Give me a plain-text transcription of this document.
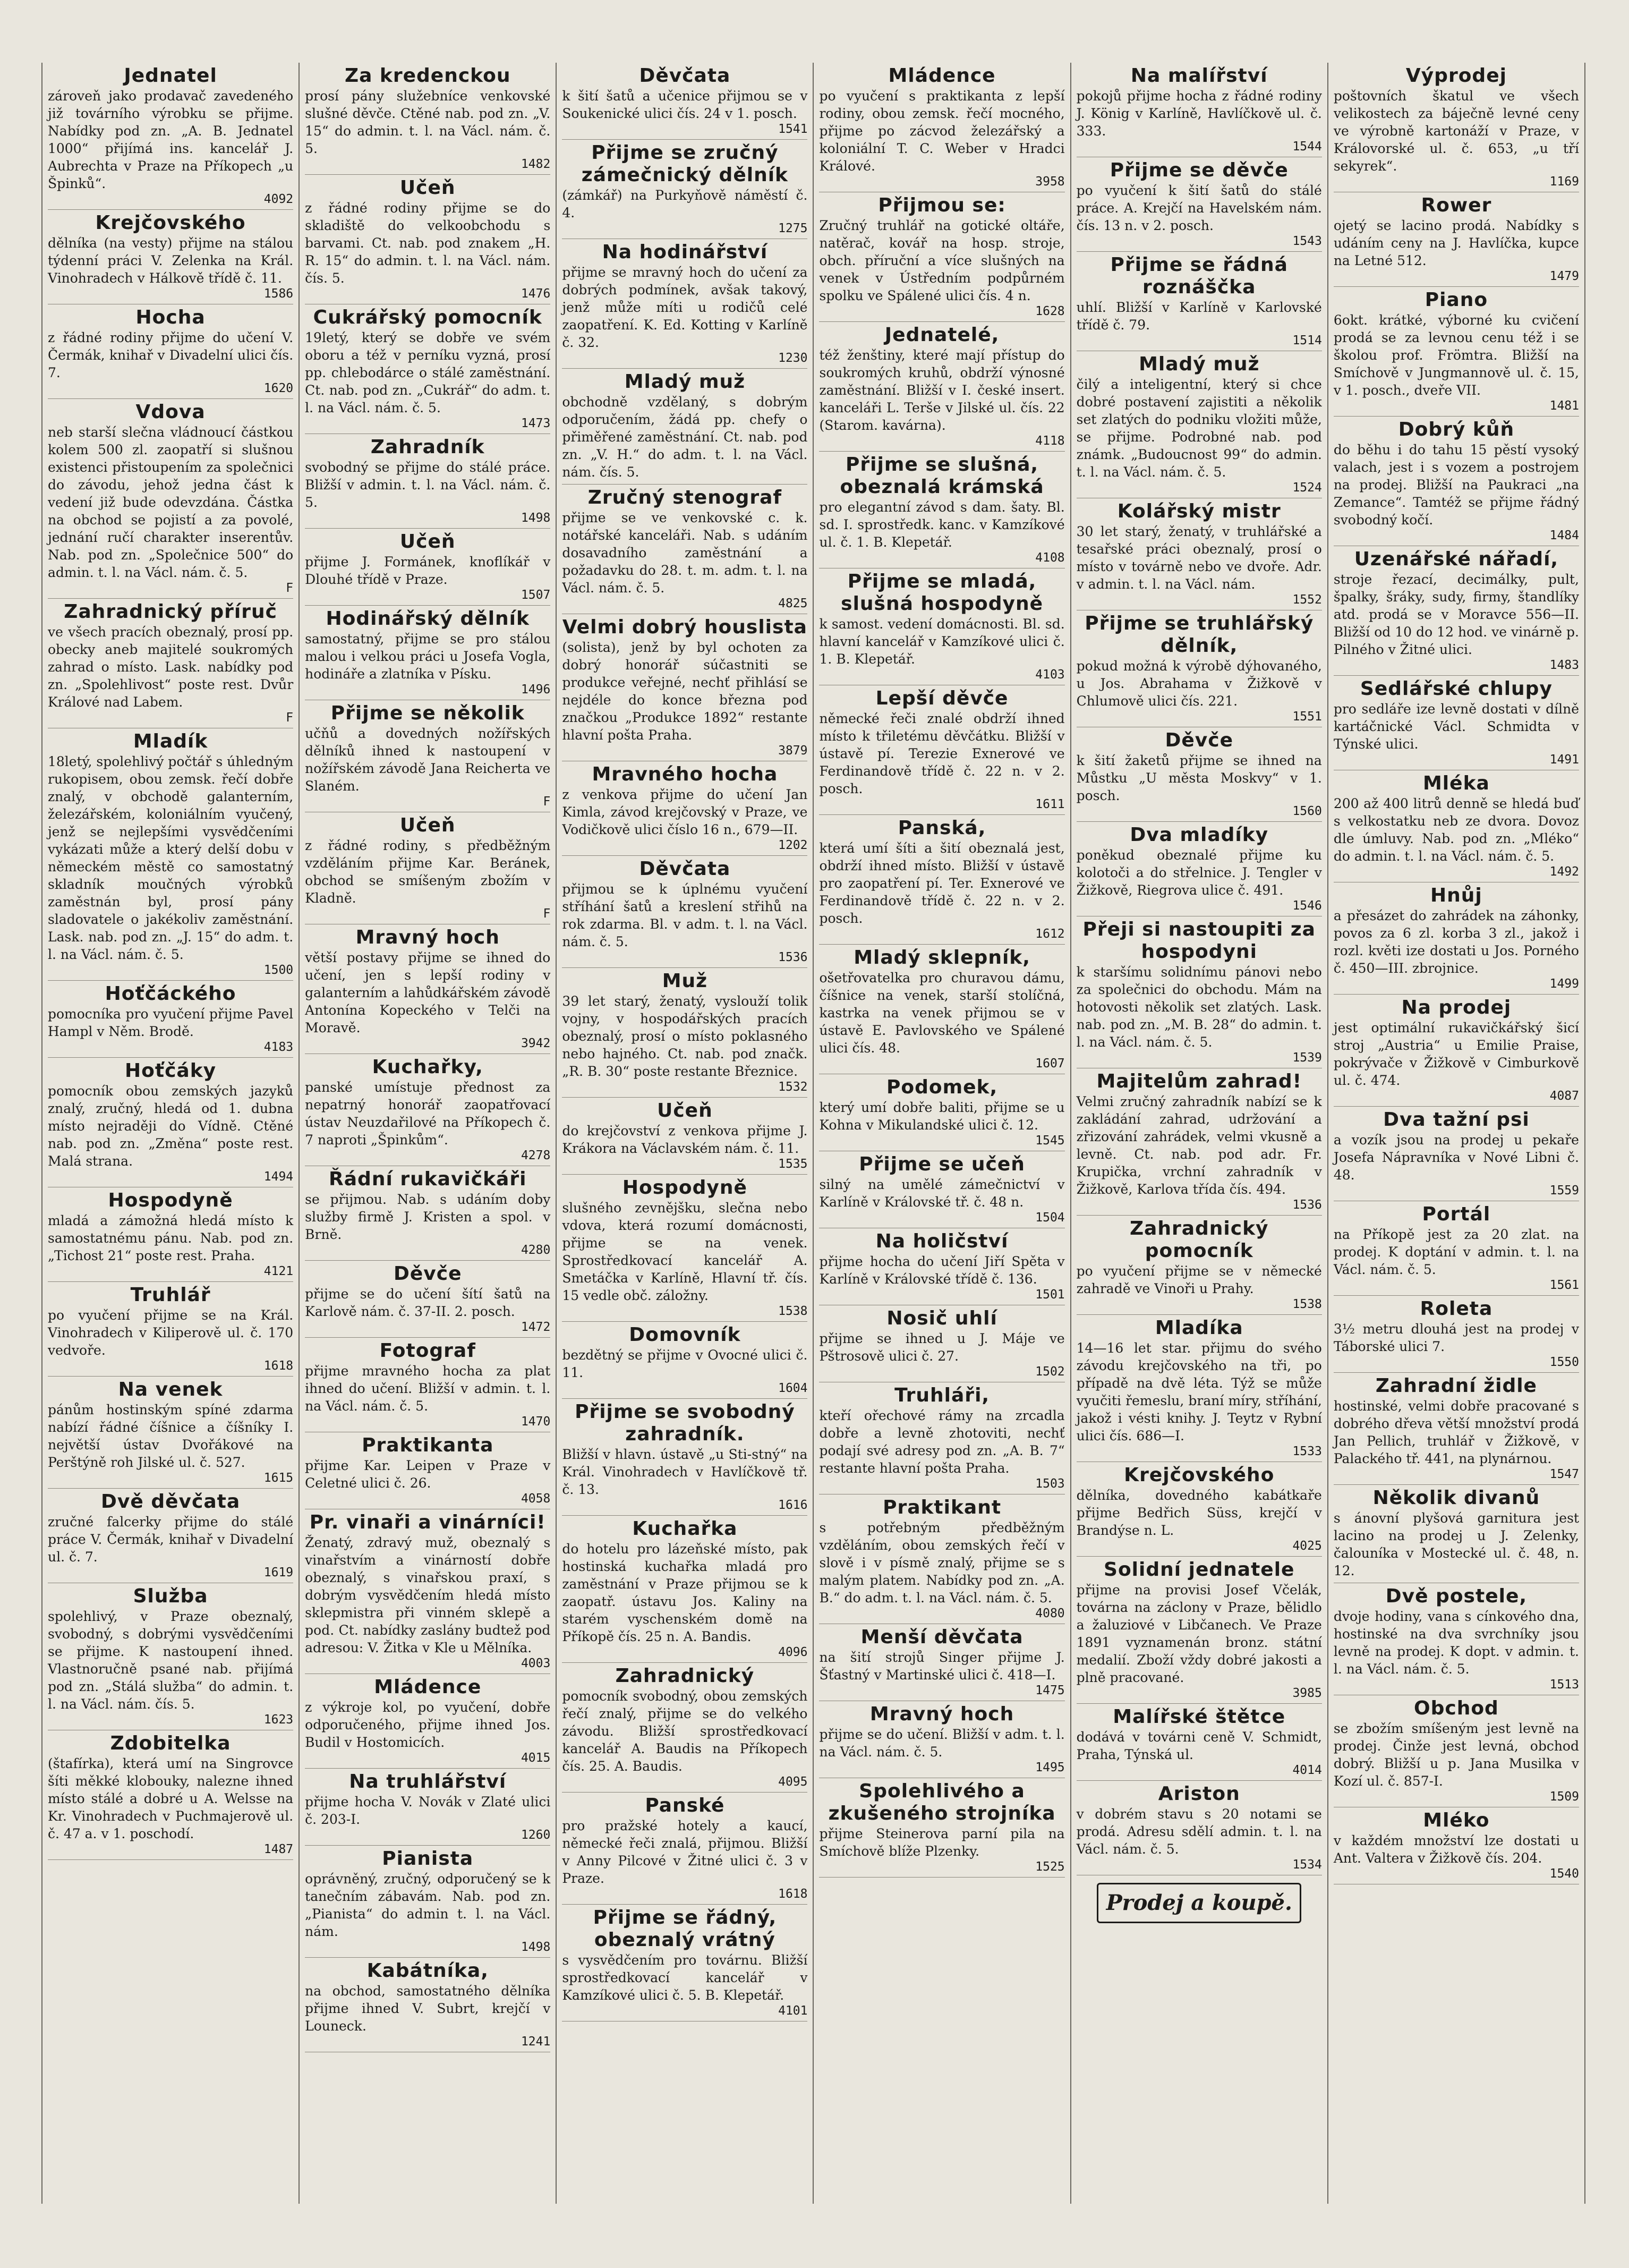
Jednatel

zároveň jako prodavač zavedeného již továrního výrobku se přijme. Nabídky pod zn. „A. B. Jednatel 1000“ přijímá ins. kancelář J. Aubrechta v Praze na Příkopech „u Špinků“.

4092
Krejčovského

dělníka (na vesty) přijme na stálou týdenní práci V. Zelenka na Král. Vinohradech v Hálkově třídě č. 11.

1586
Hocha

z řádné rodiny přijme do učení V. Čermák, knihař v Divadelní ulici čís. 7.

1620
Vdova

neb starší slečna vládnoucí částkou kolem 500 zl. zaopatří si slušnou existenci přistoupením za společnici do závodu, jehož jedna část k vedení již bude odevzdána. Částka na obchod se pojistí a za povolé, jednání ručí charakter inserentův. Nab. pod zn. „Společnice 500“ do admin. t. l. na Václ. nám. č. 5.

F
Zahradnický příruč

ve všech pracích obeznalý, prosí pp. obecky aneb majitelé soukromých zahrad o místo. Lask. nabídky pod zn. „Spolehlivost“ poste rest. Dvůr Králové nad Labem.

F
Mladík

18letý, spolehlivý počtář s úhledným rukopisem, obou zemsk. řečí dobře znalý, v obchodě galanterním, železářském, koloniálním vyučený, jenž se nejlepšími vysvědčeními vykázati může a který delší dobu v německém městě co samostatný skladník moučných výrobků zaměstnán byl, prosí pány sladovatele o jakékoliv zaměstnání. Lask. nab. pod zn. „J. 15“ do adm. t. l. na Václ. nám. č. 5.

1500
Hoťčáckého

pomocníka pro vyučení přijme Pavel Hampl v Něm. Brodě.

4183
Hoťčáky

pomocník obou zemských jazyků znalý, zručný, hledá od 1. dubna místo nejraději do Vídně. Ctěné nab. pod zn. „Změna“ poste rest. Malá strana.

1494
Hospodyně

mladá a zámožná hledá místo k samostatnému pánu. Nab. pod zn. „Tichost 21“ poste rest. Praha.

4121
Truhlář

po vyučení přijme se na Král. Vinohradech v Kiliperově ul. č. 170 vedvoře.

1618
Na venek

pánům hostinským spíné zdarma nabízí řádné číšnice a číšníky I. největší ústav Dvořákové na Perštýně roh Jilské ul. č. 527.

1615
Dvě děvčata

zručné falcerky přijme do stálé práce V. Čermák, knihař v Divadelní ul. č. 7.

1619
Služba

spolehlivý, v Praze obeznalý, svobodný, s dobrými vysvědčeními se přijme. K nastoupení ihned. Vlastnoručně psané nab. přijímá pod zn. „Stálá služba“ do admin. t. l. na Václ. nám. čís. 5.

1623
Zdobitelka

(štafírka), která umí na Singrovce šíti měkké klobouky, nalezne ihned místo stálé a dobré u A. Welsse na Kr. Vinohradech v Puchmajerově ul. č. 47 a. v 1. poschodí.

1487
Za kredenckou

prosí pány služebníce venkovské slušné děvče. Ctěné nab. pod zn. „V. 15“ do admin. t. l. na Václ. nám. č. 5.

1482
Učeň

z řádné rodiny přijme se do skladiště do velkoobchodu s barvami. Ct. nab. pod znakem „H. R. 15“ do admin. t. l. na Václ. nám. čís. 5.

1476
Cukrářský pomocník

19letý, který se dobře ve svém oboru a též v perníku vyzná, prosí pp. chlebodárce o stálé zaměstnání. Ct. nab. pod zn. „Cukrář“ do adm. t. l. na Václ. nám. č. 5.

1473
Zahradník

svobodný se přijme do stálé práce. Bližší v admin. t. l. na Václ. nám. č. 5.

1498
Učeň

přijme J. Formánek, knoflíkář v Dlouhé třídě v Praze.

1507
Hodinářský dělník

samostatný, přijme se pro stálou malou i velkou práci u Josefa Vogla, hodináře a zlatníka v Písku.

1496
Přijme se několik

učňů a dovedných nožířských dělníků ihned k nastoupení v nožířském závodě Jana Reicherta ve Slaném.

F
Učeň

z řádné rodiny, s předběžným vzděláním přijme Kar. Beránek, obchod se smíšeným zbožím v Kladně.

F
Mravný hoch

větší postavy přijme se ihned do učení, jen s lepší rodiny v galanterním a lahůdkářském závodě Antonína Kopeckého v Telči na Moravě.

3942
Kuchařky,

panské umístuje přednost za nepatrný honorář zaopatřovací ústav Neuzdařilové na Příkopech č. 7 naproti „Špinkům“.

4278
Řádní rukavičkáři

se přijmou. Nab. s udáním doby služby firmě J. Kristen a spol. v Brně.

4280
Děvče

přijme se do učení šítí šatů na Karlově nám. č. 37-II. 2. posch.

1472
Fotograf

přijme mravného hocha za plat ihned do učení. Bližší v admin. t. l. na Václ. nám. č. 5.

1470
Praktikanta

přijme Kar. Leipen v Praze v Celetné ulici č. 26.

4058
Pr. vinaři a vinárníci!

Ženatý, zdravý muž, obeznalý s vinařstvím a vinárností dobře obeznalý, s vinařskou praxí, s dobrým vysvědčením hledá místo sklepmistra při vinném sklepě a pod. Ct. nabídky zaslány budtež pod adresou: V. Žitka v Kle u Mělníka.

4003
Mládence

z výkroje kol, po vyučení, dobře odporučeného, přijme ihned Jos. Budil v Hostomicích.

4015
Na truhlářství

přijme hocha V. Novák v Zlaté ulici č. 203-I.

1260
Pianista

oprávněný, zručný, odporučený se k tanečním zábavám. Nab. pod zn. „Pianista“ do admin t. l. na Václ. nám.

1498
Kabátníka,

na obchod, samostatného dělníka přijme ihned V. Subrt, krejčí v Louneck.

1241
Děvčata

k šití šatů a učenice přijmou se v Soukenické ulici čís. 24 v 1. posch.

1541
Přijme se zručný zámečnický dělník

(zámkář) na Purkyňově náměstí č. 4.

1275
Na hodinářství

přijme se mravný hoch do učení za dobrých podmínek, avšak takový, jenž může míti u rodičů celé zaopatření. K. Ed. Kotting v Karlíně č. 32.

1230
Mladý muž

obchodně vzdělaný, s dobrým odporučením, žádá pp. chefy o přiměřené zaměstnání. Ct. nab. pod zn. „V. H.“ do adm. t. l. na Václ. nám. čís. 5.

Zručný stenograf

přijme se ve venkovské c. k. notářské kanceláři. Nab. s udáním dosavadního zaměstnání a požadavku do 28. t. m. adm. t. l. na Václ. nám. č. 5.

4825
Velmi dobrý houslista

(solista), jenž by byl ochoten za dobrý honorář súčastniti se produkce veřejné, nechť přihlásí se nejdéle do konce března pod značkou „Produkce 1892“ restante hlavní pošta Praha.

3879
Mravného hocha

z venkova přijme do učení Jan Kimla, závod krejčovský v Praze, ve Vodičkově ulici číslo 16 n., 679—II.

1202
Děvčata

přijmou se k úplnému vyučení stříhání šatů a kreslení střihů na rok zdarma. Bl. v adm. t. l. na Václ. nám. č. 5.

1536
Muž

39 let starý, ženatý, vyslouží tolik vojny, v hospodářských pracích obeznalý, prosí o místo poklasného nebo hajného. Ct. nab. pod značk. „R. B. 30“ poste restante Březnice.

1532
Učeň

do krejčovství z venkova přijme J. Krákora na Václavském nám. č. 11.

1535
Hospodyně

slušného zevnějšku, slečna nebo vdova, která rozumí domácnosti, přijme se na venek. Sprostředkovací kancelář A. Smetáčka v Karlíně, Hlavní tř. čís. 15 vedle obč. záložny.

1538
Domovník

bezdětný se přijme v Ovocné ulici č. 11.

1604
Přijme se svobodný zahradník.

Bližší v hlavn. ústavě „u Sti-stný“ na Král. Vinohradech v Havlíčkově tř. č. 13.

1616
Kuchařka

do hotelu pro lázeňské místo, pak hostinská kuchařka mladá pro zaměstnání v Praze přijmou se k zaopatř. ústavu Jos. Kaliny na starém vyschenském domě na Příkopě čís. 25 n. A. Bandis.

4096
Zahradnický

pomocník svobodný, obou zemských řečí znalý, přijme se do velkého závodu. Bližší sprostředkovací kancelář A. Baudis na Příkopech čís. 25. A. Baudis.

4095
Panské

pro pražské hotely a kaucí, německé řeči znalá, přijmou. Bližší v Anny Pilcové v Žitné ulici č. 3 v Praze.

1618
Přijme se řádný, obeznalý vrátný

s vysvědčením pro továrnu. Bližší sprostředkovací kancelář v Kamzíkové ulici č. 5. B. Klepetář.

4101
Mládence

po vyučení s praktikanta z lepší rodiny, obou zemsk. řečí mocného, přijme po zácvod železářský a koloniální T. C. Weber v Hradci Králové.

3958
Přijmou se:

Zručný truhlář na gotické oltáře, natěrač, kovář na hosp. stroje, obch. příruční a více slušných na venek v Ústředním podpůrném spolku ve Spálené ulici čís. 4 n.

1628
Jednatelé,

též ženštiny, které mají přístup do soukromých kruhů, obdrží výnosné zaměstnání. Bližší v I. české insert. kanceláři L. Terše v Jilské ul. čís. 22 (Starom. kavárna).

4118
Přijme se slušná, obeznalá krámská

pro elegantní závod s dam. šaty. Bl. sd. I. sprostředk. kanc. v Kamzíkové ul. č. 1. B. Klepetář.

4108
Přijme se mladá, slušná hospodyně

k samost. vedení domácnosti. Bl. sd. hlavní kancelář v Kamzíkové ulici č. 1. B. Klepetář.

4103
Lepší děvče

německé řeči znalé obdrží ihned místo k třiletému děvčátku. Bližší v ústavě pí. Terezie Exnerové ve Ferdinandově třídě č. 22 n. v 2. posch.

1611
Panská,

která umí šíti a šití obeznalá jest, obdrží ihned místo. Bližší v ústavě pro zaopatření pí. Ter. Exnerové ve Ferdinandově třídě č. 22 n. v 2. posch.

1612
Mladý sklepník,

ošetřovatelka pro churavou dámu, číšnice na venek, starší stolíčná, kastrka na venek přijmou se v ústavě E. Pavlovského ve Spálené ulici čís. 48.

1607
Podomek,

který umí dobře baliti, přijme se u Kohna v Mikulandské ulici č. 12.

1545
Přijme se učeň

silný na umělé zámečnictví v Karlíně v Královské tř. č. 48 n.

1504
Na holičství

přijme hocha do učení Jiří Spěta v Karlíně v Královské třídě č. 136.

1501
Nosič uhlí

přijme se ihned u J. Máje ve Pštrosově ulici č. 27.

1502
Truhláři,

kteří ořechové rámy na zrcadla dobře a levně zhotoviti, nechť podají své adresy pod zn. „A. B. 7“ restante hlavní pošta Praha.

1503
Praktikant

s potřebným předběžným vzděláním, obou zemských řečí v slově i v písmě znalý, přijme se s malým platem. Nabídky pod zn. „A. B.“ do adm. t. l. na Václ. nám. č. 5.

4080
Menší děvčata

na šití strojů Singer přijme J. Šťastný v Martinské ulici č. 418—I.

1475
Mravný hoch

přijme se do učení. Bližší v adm. t. l. na Václ. nám. č. 5.

1495
Spolehlivého a zkušeného strojníka

přijme Steinerova parní pila na Smíchově blíže Plzenky.

1525
Na malířství

pokojů přijme hocha z řádné rodiny J. König v Karlíně, Havlíčkově ul. č. 333.

1544
Přijme se děvče

po vyučení k šití šatů do stálé práce. A. Krejčí na Havelském nám. čís. 13 n. v 2. posch.

1543
Přijme se řádná roznáščka

uhlí. Bližší v Karlíně v Karlovské třídě č. 79.

1514
Mladý muž

čilý a inteligentní, který si chce dobré postavení zajistiti a několik set zlatých do podniku vložiti může, se přijme. Podrobné nab. pod známk. „Budoucnost 99“ do admin. t. l. na Václ. nám. č. 5.

1524
Kolářský mistr

30 let starý, ženatý, v truhlářské a tesařské práci obeznalý, prosí o místo v továrně nebo ve dvoře. Adr. v admin. t. l. na Václ. nám.

1552
Přijme se truhlářský dělník,

pokud možná k výrobě dýhovaného, u Jos. Abrahama v Žižkově v Chlumově ulici čís. 221.

1551
Děvče

k šití žaketů přijme se ihned na Můstku „U města Moskvy“ v 1. posch.

1560
Dva mladíky

poněkud obeznalé přijme ku kolotoči a do střelnice. J. Tengler v Žižkově, Riegrova ulice č. 491.

1546
Přeji si nastoupiti za hospodyni

k staršímu solidnímu pánovi nebo za společnici do obchodu. Mám na hotovosti několik set zlatých. Lask. nab. pod zn. „M. B. 28“ do admin. t. l. na Václ. nám. č. 5.

1539
Majitelům zahrad!

Velmi zručný zahradník nabízí se k zakládání zahrad, udržování a zřizování zahrádek, velmi vkusně a levně. Ct. nab. pod adr. Fr. Krupička, vrchní zahradník v Žižkově, Karlova třída čís. 494.

1536
Zahradnický pomocník

po vyučení přijme se v německé zahradě ve Vinoři u Prahy.

1538
Mladíka

14—16 let star. přijmu do svého závodu krejčovského na tři, po případě na dvě léta. Týž se může vyučiti řemeslu, braní míry, stříhání, jakož i vésti knihy. J. Teytz v Rybní ulici čís. 686—I.

1533
Krejčovského

dělníka, dovedného kabátkaře přijme Bedřich Süss, krejčí v Brandýse n. L.

4025
Solidní jednatele

přijme na provisi Josef Včelák, továrna na záclony v Praze, bělidlo a žaluziové v Libčanech. Ve Praze 1891 vyznamenán bronz. státní medalií. Zboží vždy dobré jakosti a plně pracované.

3985
Malířské štětce

dodává v továrni ceně V. Schmidt, Praha, Týnská ul.

4014
Ariston

v dobrém stavu s 20 notami se prodá. Adresu sdělí admin. t. l. na Václ. nám. č. 5.

1534
Prodej a koupě.
Výprodej

poštovních škatul ve všech velikostech za báječně levné ceny ve výrobně kartonáží v Praze, v Královorské ul. č. 653, „u tří sekyrek“.

1169
Rower

ojetý se lacino prodá. Nabídky s udáním ceny na J. Havlíčka, kupce na Letné 512.

1479
Piano

6okt. krátké, výborné ku cvičení prodá se za levnou cenu též i se školou prof. Frömtra. Bližší na Smíchově v Jungmannově ul. č. 15, v 1. posch., dveře VII.

1481
Dobrý kůň

do běhu i do tahu 15 pěstí vysoký valach, jest i s vozem a postrojem na prodej. Bližší na Paukraci „na Zemance“. Tamtéž se přijme řádný svobodný kočí.

1484
Uzenářské nářadí,

stroje řezací, decimálky, pult, špalky, šráky, sudy, firmy, štandlíky atd. prodá se v Moravce 556—II. Bližší od 10 do 12 hod. ve vinárně p. Pilného v Žitné ulici.

1483
Sedlářské chlupy

pro sedláře ize levně dostati v dílně kartáčnické Václ. Schmidta v Týnské ulici.

1491
Mléka

200 až 400 litrů denně se hledá buď s velkostatku neb ze dvora. Dovoz dle úmluvy. Nab. pod zn. „Mléko“ do admin. t. l. na Václ. nám. č. 5.

1492
Hnůj

a přesázet do zahrádek na záhonky, povos za 6 zl. korba 3 zl., jakož i rozl. květi ize dostati u Jos. Porného č. 450—III. zbrojnice.

1499
Na prodej

jest optimální rukavičkářský šicí stroj „Austria“ u Emilie Praise, pokrývače v Žižkově v Cimburkově ul. č. 474.

4087
Dva tažní psi

a vozík jsou na prodej u pekaře Josefa Nápravníka v Nové Libni č. 48.

1559
Portál

na Příkopě jest za 20 zlat. na prodej. K doptání v admin. t. l. na Václ. nám. č. 5.

1561
Roleta

3½ metru dlouhá jest na prodej v Táborské ulici 7.

1550
Zahradní židle

hostinské, velmi dobře pracované s dobrého dřeva větší množství prodá Jan Pellich, truhlář v Žižkově, v Palackého tř. 441, na plynárnou.

1547
Několik divanů

s ánovní plyšová garnitura jest lacino na prodej u J. Zelenky, čalouníka v Mostecké ul. č. 48, n. 12.

Dvě postele,

dvoje hodiny, vana s cínkového dna, hostinské na dva svrchníky jsou levně na prodej. K dopt. v admin. t. l. na Václ. nám. č. 5.

1513
Obchod

se zbožím smíšeným jest levně na prodej. Činže jest levná, obchod dobrý. Bližší u p. Jana Musilka v Kozí ul. č. 857-I.

1509
Mléko

v každém množství lze dostati u Ant. Valtera v Žižkově čís. 204.

1540
